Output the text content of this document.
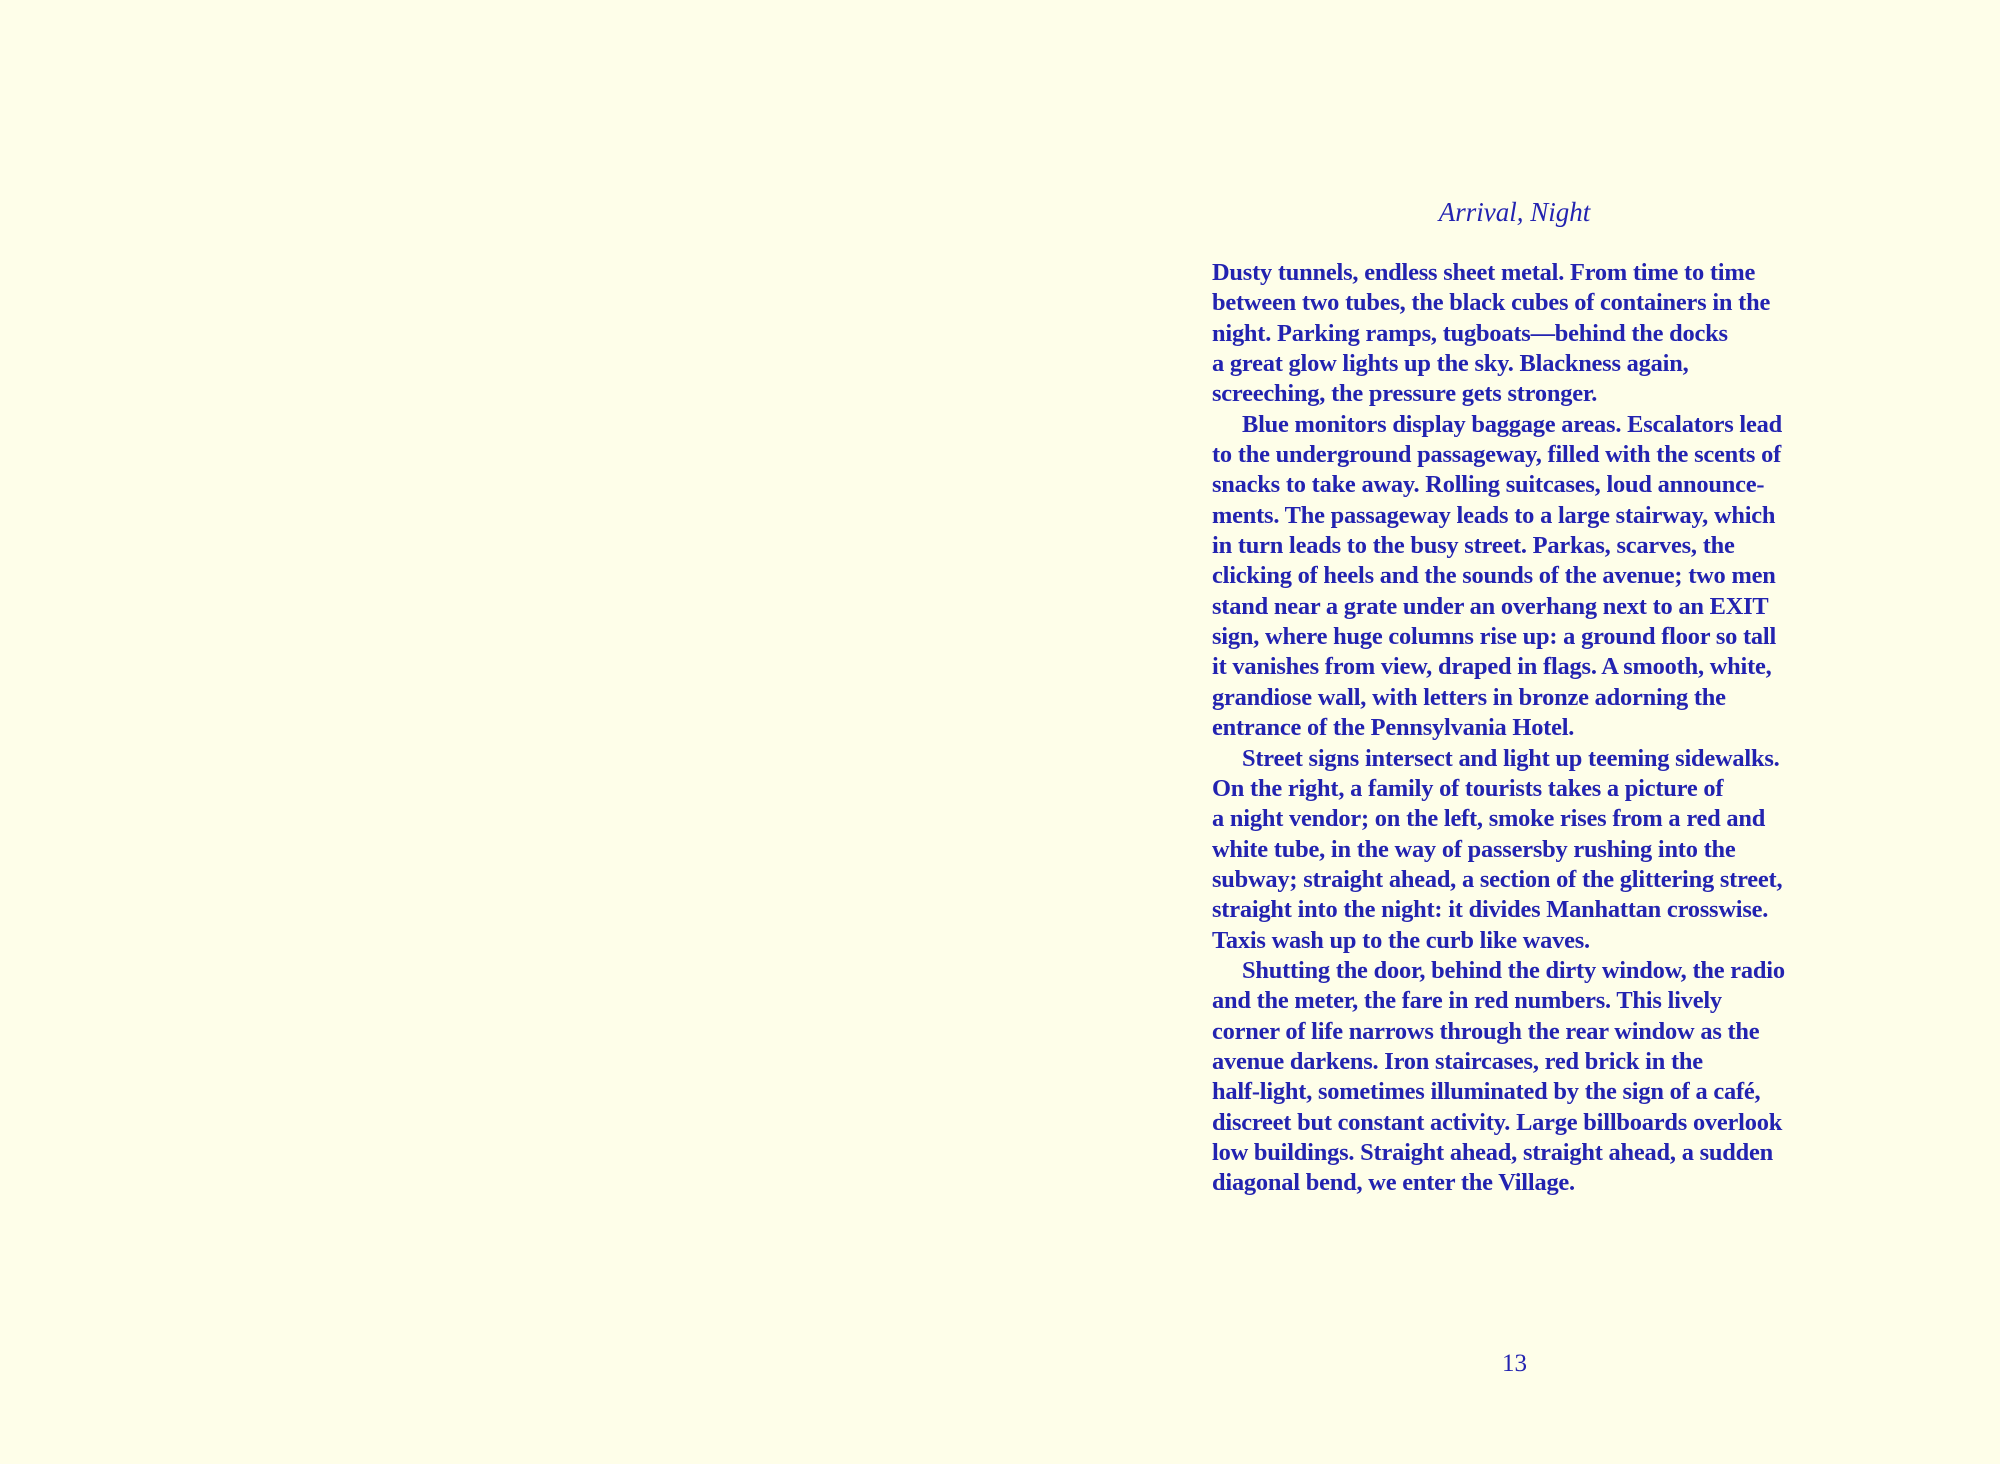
Arrival, Night
Dusty tunnels, endless sheet metal. From time to time
between two tubes, the black cubes of containers in the
night. Parking ramps, tugboats—behind the docks
a great glow lights up the sky. Blackness again,
screeching, the pressure gets stronger.
Blue monitors display baggage areas. Escalators lead
to the underground passageway, filled with the scents of
snacks to take away. Rolling suitcases, loud announce-
ments. The passageway leads to a large stairway, which
in turn leads to the busy street. Parkas, scarves, the
clicking of heels and the sounds of the avenue; two men
stand near a grate under an overhang next to an EXIT
sign, where huge columns rise up: a ground floor so tall
it vanishes from view, draped in flags. A smooth, white,
grandiose wall, with letters in bronze adorning the
entrance of the Pennsylvania Hotel.
Street signs intersect and light up teeming sidewalks.
On the right, a family of tourists takes a picture of
a night vendor; on the left, smoke rises from a red and
white tube, in the way of passersby rushing into the
subway; straight ahead, a section of the glittering street,
straight into the night: it divides Manhattan crosswise.
Taxis wash up to the curb like waves.
Shutting the door, behind the dirty window, the radio
and the meter, the fare in red numbers. This lively
corner of life narrows through the rear window as the
avenue darkens. Iron staircases, red brick in the
half-light, sometimes illuminated by the sign of a café,
discreet but constant activity. Large billboards overlook
low buildings. Straight ahead, straight ahead, a sudden
diagonal bend, we enter the Village.
13
